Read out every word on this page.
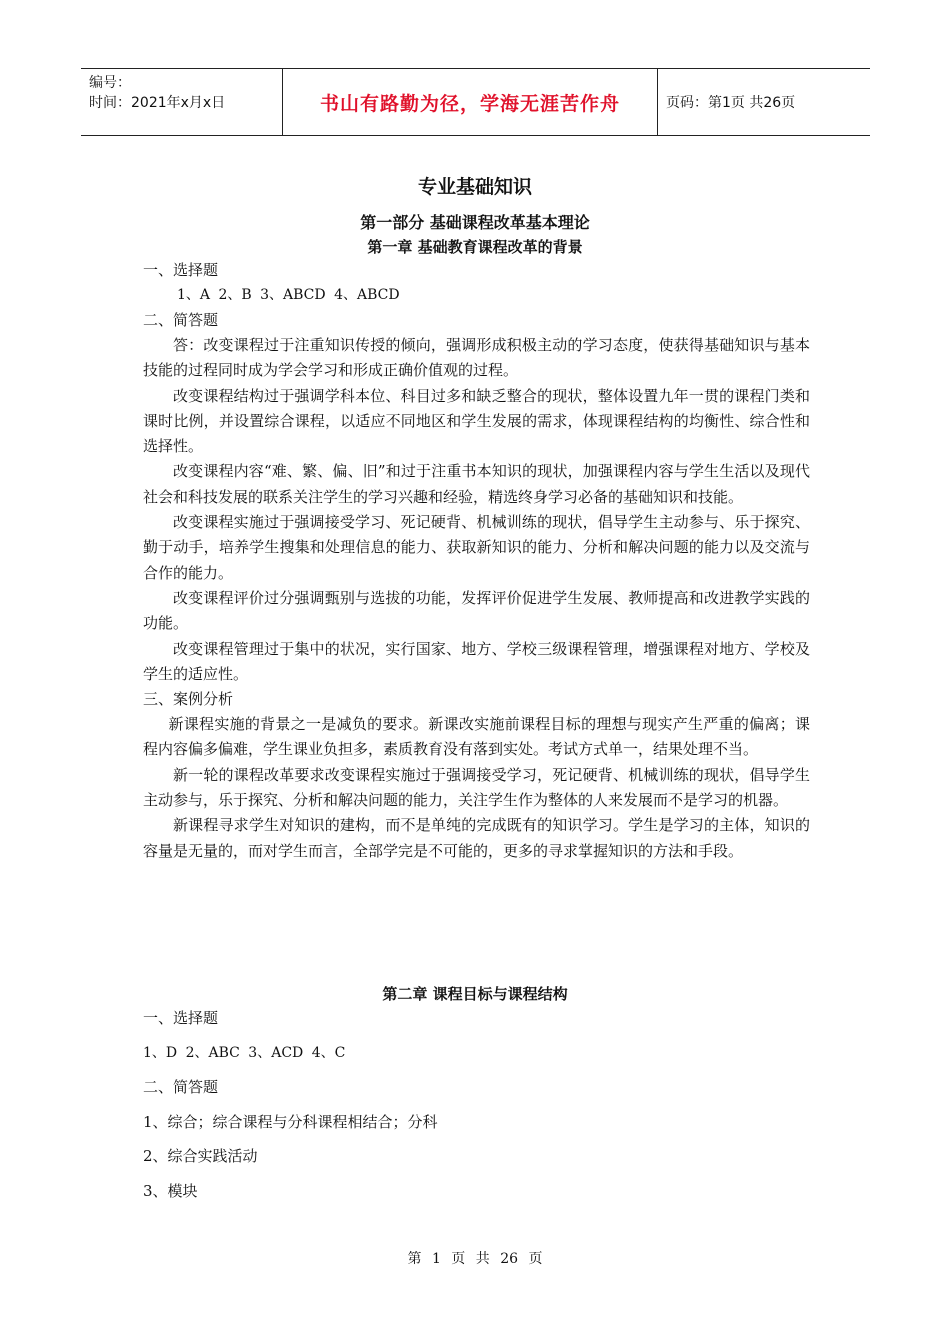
编号：
时间：2021年x月x日	书山有路勤为径，学海无涯苦作舟	页码：第1页 共26页
专业基础知识
第一部分 基础课程改革基本理论
第一章 基础教育课程改革的背景
一、选择题
1、A 2、B 3、ABCD 4、ABCD
二、简答题
答：改变课程过于注重知识传授的倾向，强调形成积极主动的学习态度，使获得基础知识与基本技能的过程同时成为学会学习和形成正确价值观的过程。
改变课程结构过于强调学科本位、科目过多和缺乏整合的现状，整体设置九年一贯的课程门类和课时比例，并设置综合课程，以适应不同地区和学生发展的需求，体现课程结构的均衡性、综合性和选择性。
改变课程内容“难、繁、偏、旧”和过于注重书本知识的现状，加强课程内容与学生生活以及现代社会和科技发展的联系关注学生的学习兴趣和经验，精选终身学习必备的基础知识和技能。
改变课程实施过于强调接受学习、死记硬背、机械训练的现状，倡导学生主动参与、乐于探究、勤于动手，培养学生搜集和处理信息的能力、获取新知识的能力、分析和解决问题的能力以及交流与合作的能力。
改变课程评价过分强调甄别与选拔的功能，发挥评价促进学生发展、教师提高和改进教学实践的功能。
改变课程管理过于集中的状况，实行国家、地方、学校三级课程管理，增强课程对地方、学校及学生的适应性。
三、案例分析
新课程实施的背景之一是减负的要求。新课改实施前课程目标的理想与现实产生严重的偏离；课程内容偏多偏难，学生课业负担多，素质教育没有落到实处。考试方式单一，结果处理不当。
新一轮的课程改革要求改变课程实施过于强调接受学习，死记硬背、机械训练的现状，倡导学生主动参与，乐于探究、分析和解决问题的能力，关注学生作为整体的人来发展而不是学习的机器。
新课程寻求学生对知识的建构，而不是单纯的完成既有的知识学习。学生是学习的主体，知识的容量是无量的，而对学生而言，全部学完是不可能的，更多的寻求掌握知识的方法和手段。
第二章 课程目标与课程结构
一、选择题
1、D 2、ABC 3、ACD 4、C
二、简答题
1、综合；综合课程与分科课程相结合；分科
2、综合实践活动
3、模块
第 1 页 共 26 页
